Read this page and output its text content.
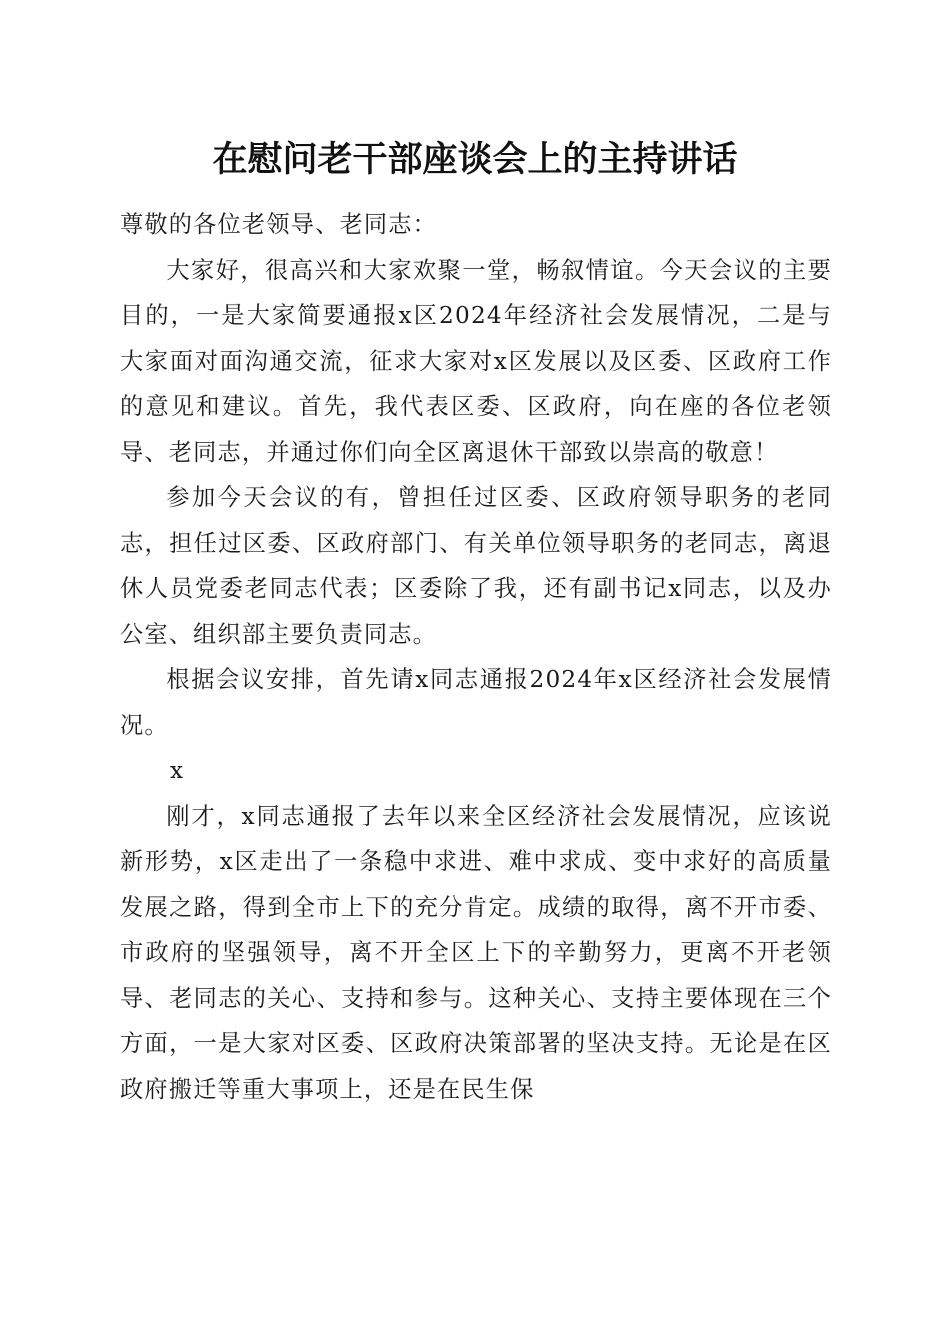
在慰问老干部座谈会上的主持讲话

尊敬的各位老领导、老同志：

大家好，很高兴和大家欢聚一堂，畅叙情谊。今天会议的主要目的，一是大家简要通报x区2024年经济社会发展情况，二是与大家面对面沟通交流，征求大家对x区发展以及区委、区政府工作的意见和建议。首先，我代表区委、区政府，向在座的各位老领导、老同志，并通过你们向全区离退休干部致以崇高的敬意！

参加今天会议的有，曾担任过区委、区政府领导职务的老同志，担任过区委、区政府部门、有关单位领导职务的老同志，离退休人员党委老同志代表；区委除了我，还有副书记x同志，以及办公室、组织部主要负责同志。

根据会议安排，首先请x同志通报2024年x区经济社会发展情况。

x

刚才，x同志通报了去年以来全区经济社会发展情况，应该说新形势，x区走出了一条稳中求进、难中求成、变中求好的高质量发展之路，得到全市上下的充分肯定。成绩的取得，离不开市委、市政府的坚强领导，离不开全区上下的辛勤努力，更离不开老领导、老同志的关心、支持和参与。这种关心、支持主要体现在三个方面，一是大家对区委、区政府决策部署的坚决支持。无论是在区政府搬迁等重大事项上，还是在民生保
